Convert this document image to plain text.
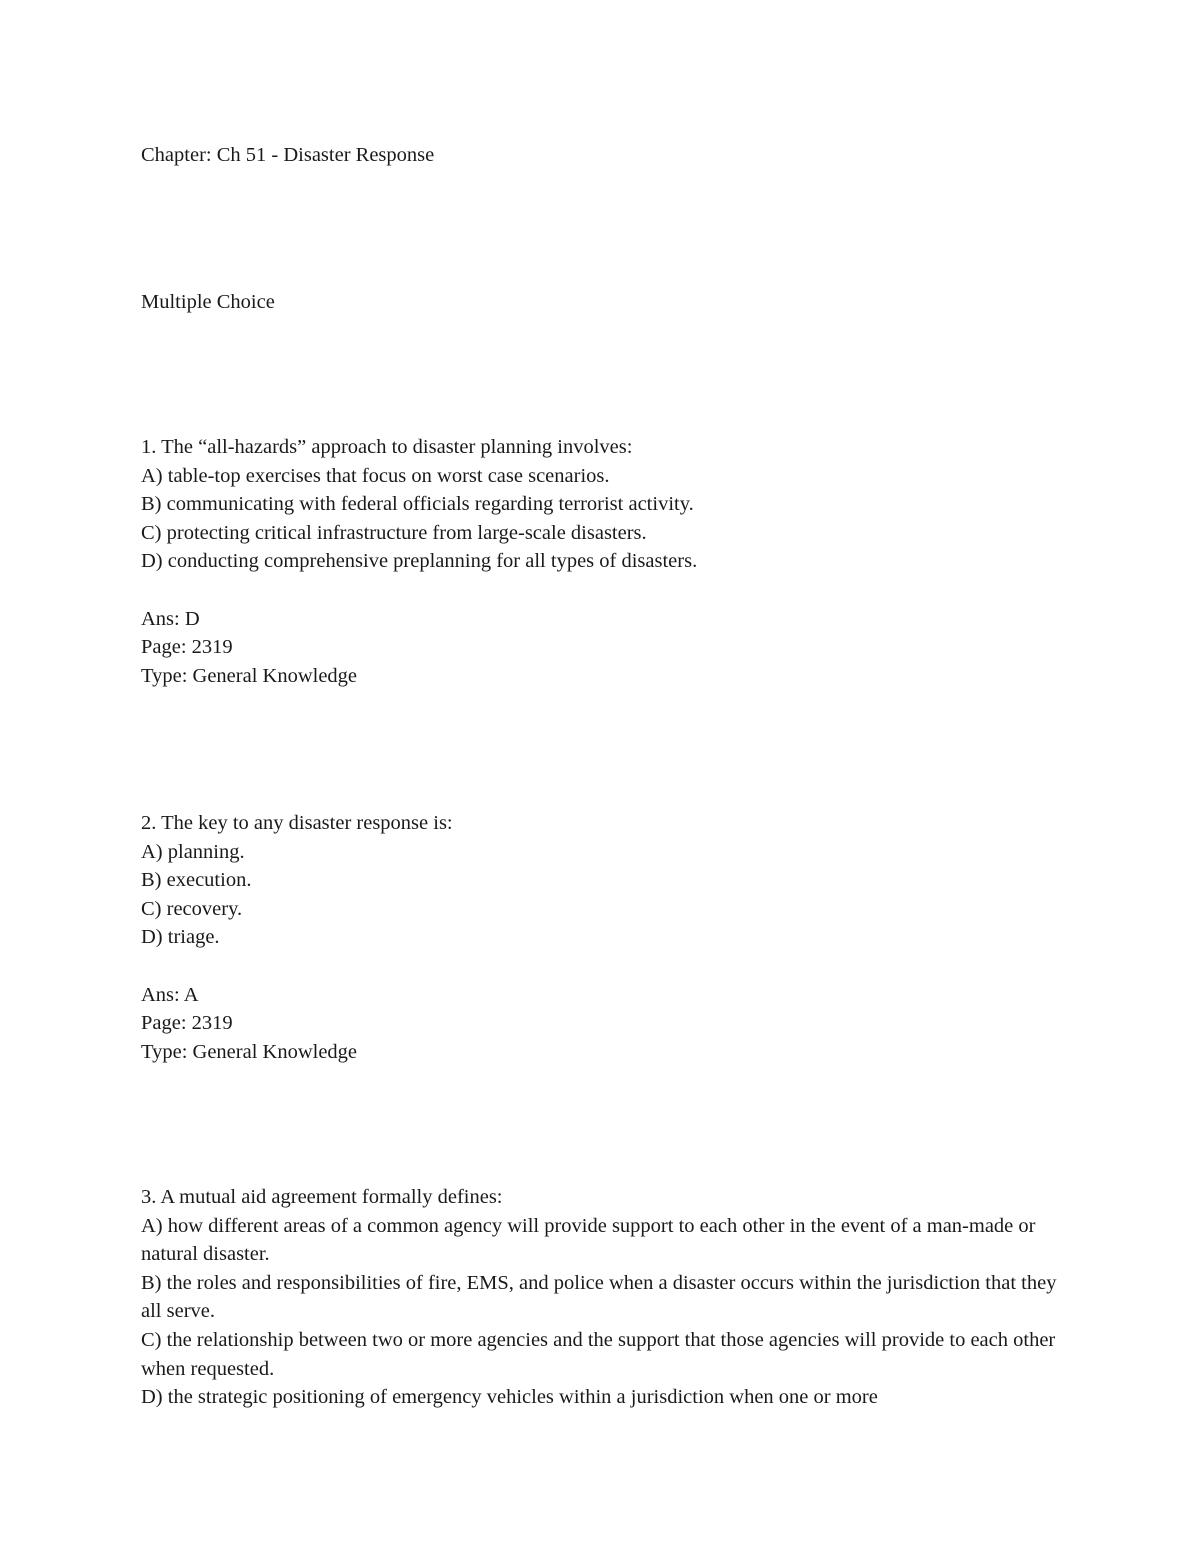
Chapter: Ch 51 - Disaster Response
Multiple Choice
1. The “all-hazards” approach to disaster planning involves:
A) table-top exercises that focus on worst case scenarios.
B) communicating with federal officials regarding terrorist activity.
C) protecting critical infrastructure from large-scale disasters.
D) conducting comprehensive preplanning for all types of disasters.
Ans: D
Page: 2319
Type: General Knowledge
2. The key to any disaster response is:
A) planning.
B) execution.
C) recovery.
D) triage.
Ans: A
Page: 2319
Type: General Knowledge
3. A mutual aid agreement formally defines:
A) how different areas of a common agency will provide support to each other in the event of a man-made or natural disaster.
B) the roles and responsibilities of fire, EMS, and police when a disaster occurs within the jurisdiction that they all serve.
C) the relationship between two or more agencies and the support that those agencies will provide to each other when requested.
D) the strategic positioning of emergency vehicles within a jurisdiction when one or more
